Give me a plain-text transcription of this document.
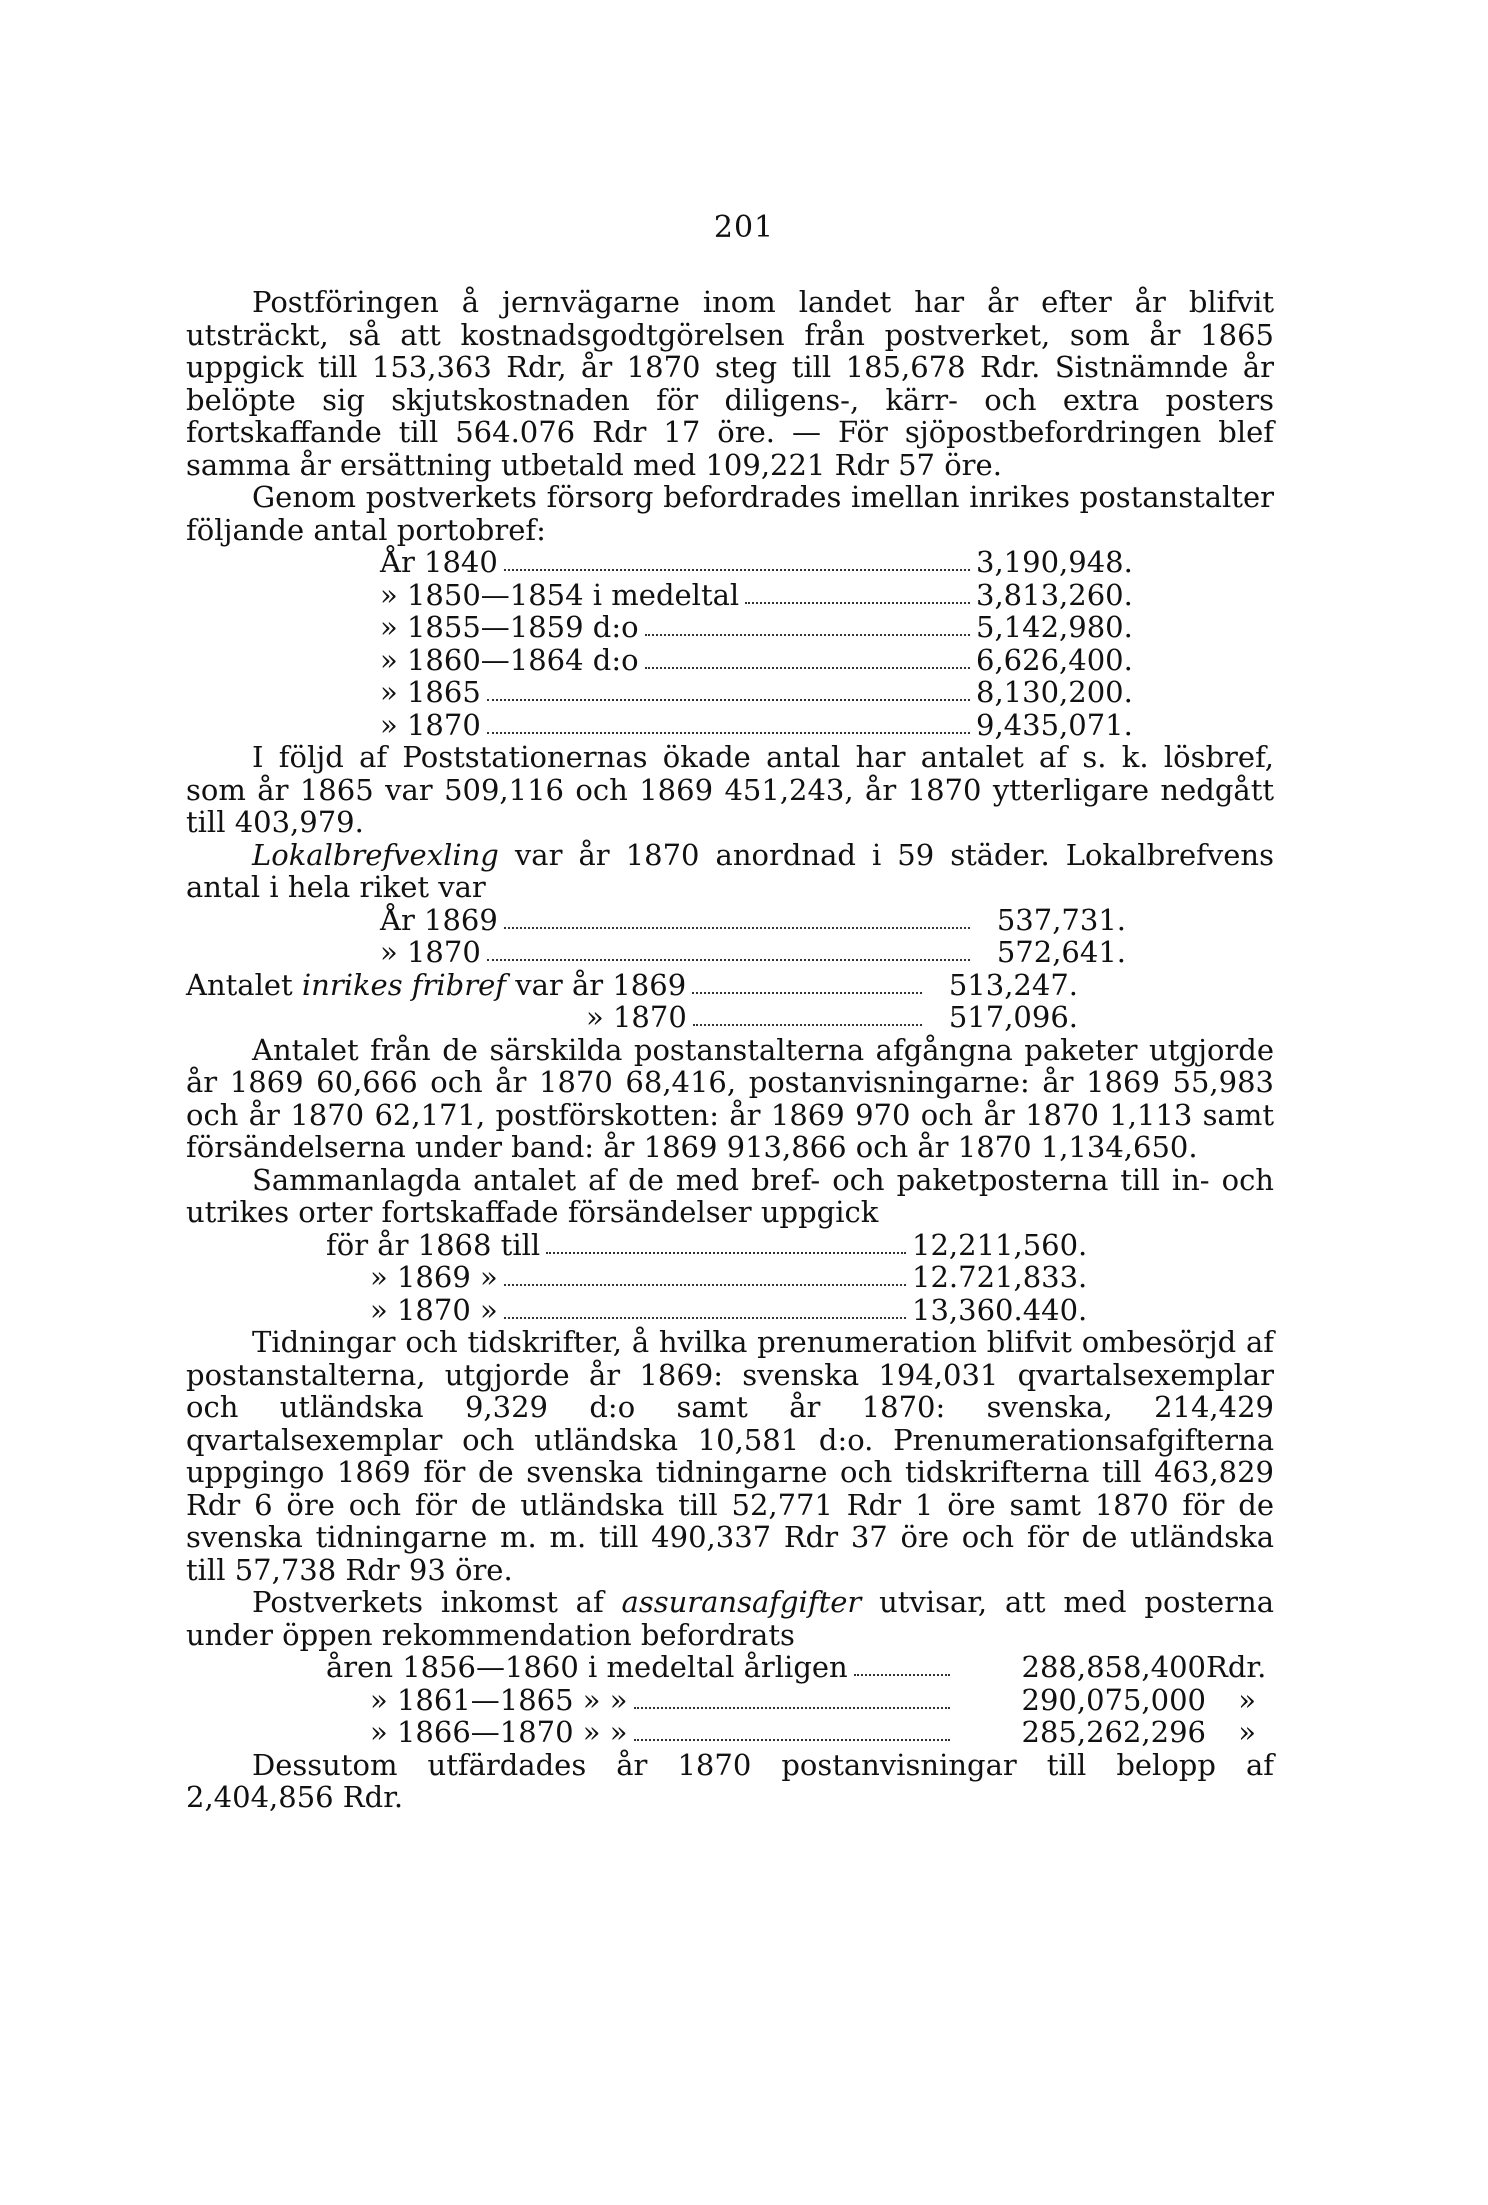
201

Postföringen å jernvägarne inom landet har år efter år blifvit utsträckt, så att kostnadsgodtgörelsen från postverket, som år 1865 uppgick till 153,363 Rdr, år 1870 steg till 185,678 Rdr. Sistnämnde år belöpte sig skjutskostnaden för diligens-, kärr- och extra posters fortskaffande till 564.076 Rdr 17 öre. — För sjöpostbefordringen blef samma år ersättning utbetald med 109,221 Rdr 57 öre.

Genom postverkets försorg befordrades imellan inrikes postanstalter följande antal portobref:

År 1840	3,190,948.
» 1850—1854 i medeltal	3,813,260.
» 1855—1859 d:o	5,142,980.
» 1860—1864 d:o	6,626,400.
» 1865	8,130,200.
» 1870	9,435,071.

I följd af Poststationernas ökade antal har antalet af s. k. lösbref, som år 1865 var 509,116 och 1869 451,243, år 1870 ytterligare nedgått till 403,979.

Lokalbrefvexling var år 1870 anordnad i 59 städer. Lokalbrefvens antal i hela riket var

År 1869	537,731.
» 1870	572,641.
Antalet inrikes fribref var år 1869	513,247.
» 1870	517,096.

Antalet från de särskilda postanstalterna afgångna paketer utgjorde år 1869 60,666 och år 1870 68,416, postanvisningarne: år 1869 55,983 och år 1870 62,171, postförskotten: år 1869 970 och år 1870 1,113 samt försändelserna under band: år 1869 913,866 och år 1870 1,134,650.

Sammanlagda antalet af de med bref- och paketposterna till in- och utrikes orter fortskaffade försändelser uppgick

för år 1868 till	12,211,560.
» 1869 »	12.721,833.
» 1870 »	13,360.440.

Tidningar och tidskrifter, å hvilka prenumeration blifvit ombesörjd af postanstalterna, utgjorde år 1869: svenska 194,031 qvartalsexemplar och utländska 9,329 d:o samt år 1870: svenska, 214,429 qvartalsexemplar och utländska 10,581 d:o. Prenumerationsafgifterna uppgingo 1869 för de svenska tidningarne och tidskrifterna till 463,829 Rdr 6 öre och för de utländska till 52,771 Rdr 1 öre samt 1870 för de svenska tidningarne m. m. till 490,337 Rdr 37 öre och för de utländska till 57,738 Rdr 93 öre.

Postverkets inkomst af assuransafgifter utvisar, att med posterna under öppen rekommendation befordrats

åren 1856—1860 i medeltal årligen	288,858,400 Rdr.
» 1861—1865 » »	290,075,000	»
» 1866—1870 » »	285,262,296	»

Dessutom utfärdades år 1870 postanvisningar till belopp af 2,404,856 Rdr.
